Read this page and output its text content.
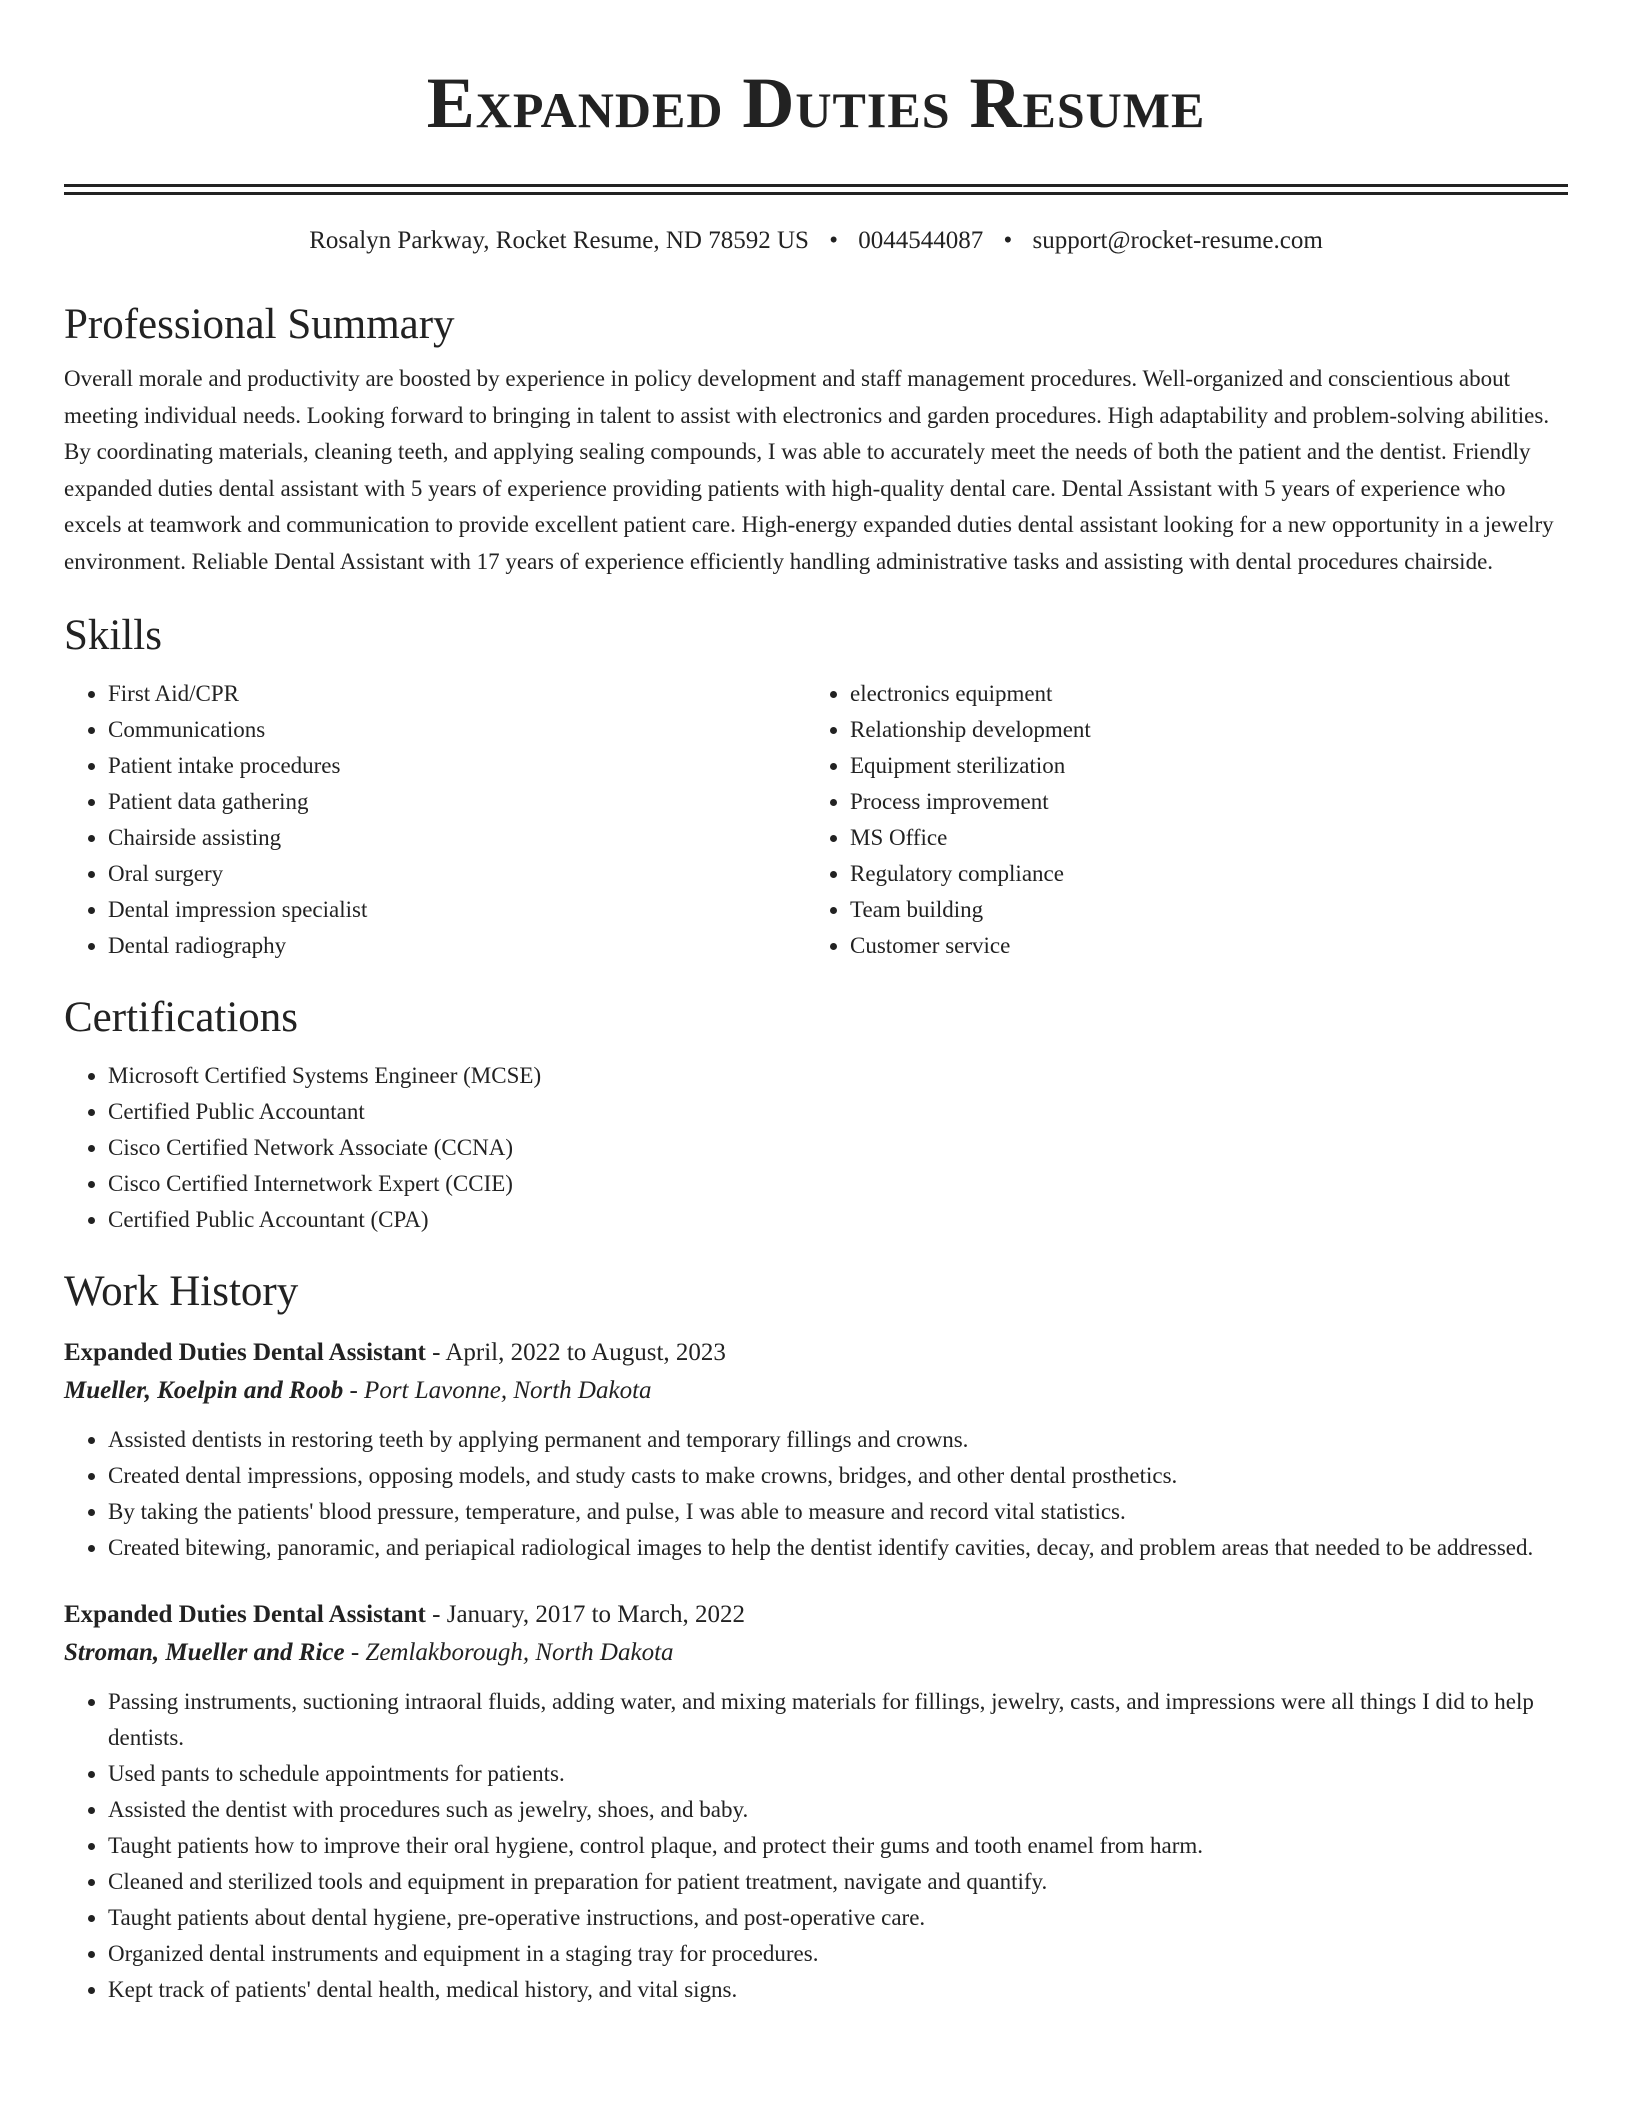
Expanded Duties Resume
Rosalyn Parkway, Rocket Resume, ND 78592 US • 0044544087 • support@rocket-resume.com
Professional Summary

Overall morale and productivity are boosted by experience in policy development and staff management procedures. Well-organized and conscientious about meeting individual needs. Looking forward to bringing in talent to assist with electronics and garden procedures. High adaptability and problem-solving abilities. By coordinating materials, cleaning teeth, and applying sealing compounds, I was able to accurately meet the needs of both the patient and the dentist. Friendly expanded duties dental assistant with 5 years of experience providing patients with high-quality dental care. Dental Assistant with 5 years of experience who excels at teamwork and communication to provide excellent patient care. High-energy expanded duties dental assistant looking for a new opportunity in a jewelry environment. Reliable Dental Assistant with 17 years of experience efficiently handling administrative tasks and assisting with dental procedures chairside.

Skills
• First Aid/CPR
• Communications
• Patient intake procedures
• Patient data gathering
• Chairside assisting
• Oral surgery
• Dental impression specialist
• Dental radiography
• electronics equipment
• Relationship development
• Equipment sterilization
• Process improvement
• MS Office
• Regulatory compliance
• Team building
• Customer service
Certifications
• Microsoft Certified Systems Engineer (MCSE)
• Certified Public Accountant
• Cisco Certified Network Associate (CCNA)
• Cisco Certified Internetwork Expert (CCIE)
• Certified Public Accountant (CPA)
Work History
Expanded Duties Dental Assistant - April, 2022 to August, 2023
Mueller, Koelpin and Roob - Port Lavonne, North Dakota
• Assisted dentists in restoring teeth by applying permanent and temporary fillings and crowns.
• Created dental impressions, opposing models, and study casts to make crowns, bridges, and other dental prosthetics.
• By taking the patients' blood pressure, temperature, and pulse, I was able to measure and record vital statistics.
• Created bitewing, panoramic, and periapical radiological images to help the dentist identify cavities, decay, and problem areas that needed to be addressed.
Expanded Duties Dental Assistant - January, 2017 to March, 2022
Stroman, Mueller and Rice - Zemlakborough, North Dakota
• Passing instruments, suctioning intraoral fluids, adding water, and mixing materials for fillings, jewelry, casts, and impressions were all things I did to help dentists.
• Used pants to schedule appointments for patients.
• Assisted the dentist with procedures such as jewelry, shoes, and baby.
• Taught patients how to improve their oral hygiene, control plaque, and protect their gums and tooth enamel from harm.
• Cleaned and sterilized tools and equipment in preparation for patient treatment, navigate and quantify.
• Taught patients about dental hygiene, pre-operative instructions, and post-operative care.
• Organized dental instruments and equipment in a staging tray for procedures.
• Kept track of patients' dental health, medical history, and vital signs.
